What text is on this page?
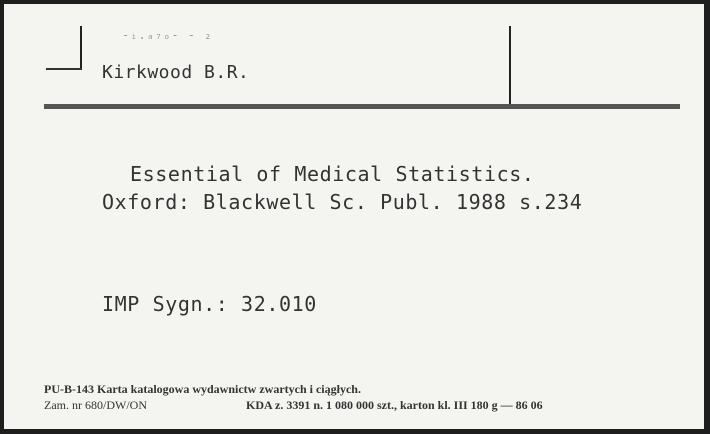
-ᵢ.ₐ₇ₒ- - ₂
Kirkwood B.R.
Essential of Medical Statistics.
Oxford: Blackwell Sc. Publ. 1988 s.234
IMP Sygn.: 32.010
PU-B-143 Karta katalogowa wydawnictw zwartych i ciągłych.
Zam. nr 680/DW/ON	KDA z. 3391 n. 1 080 000 szt., karton kl. III 180 g — 86 06
